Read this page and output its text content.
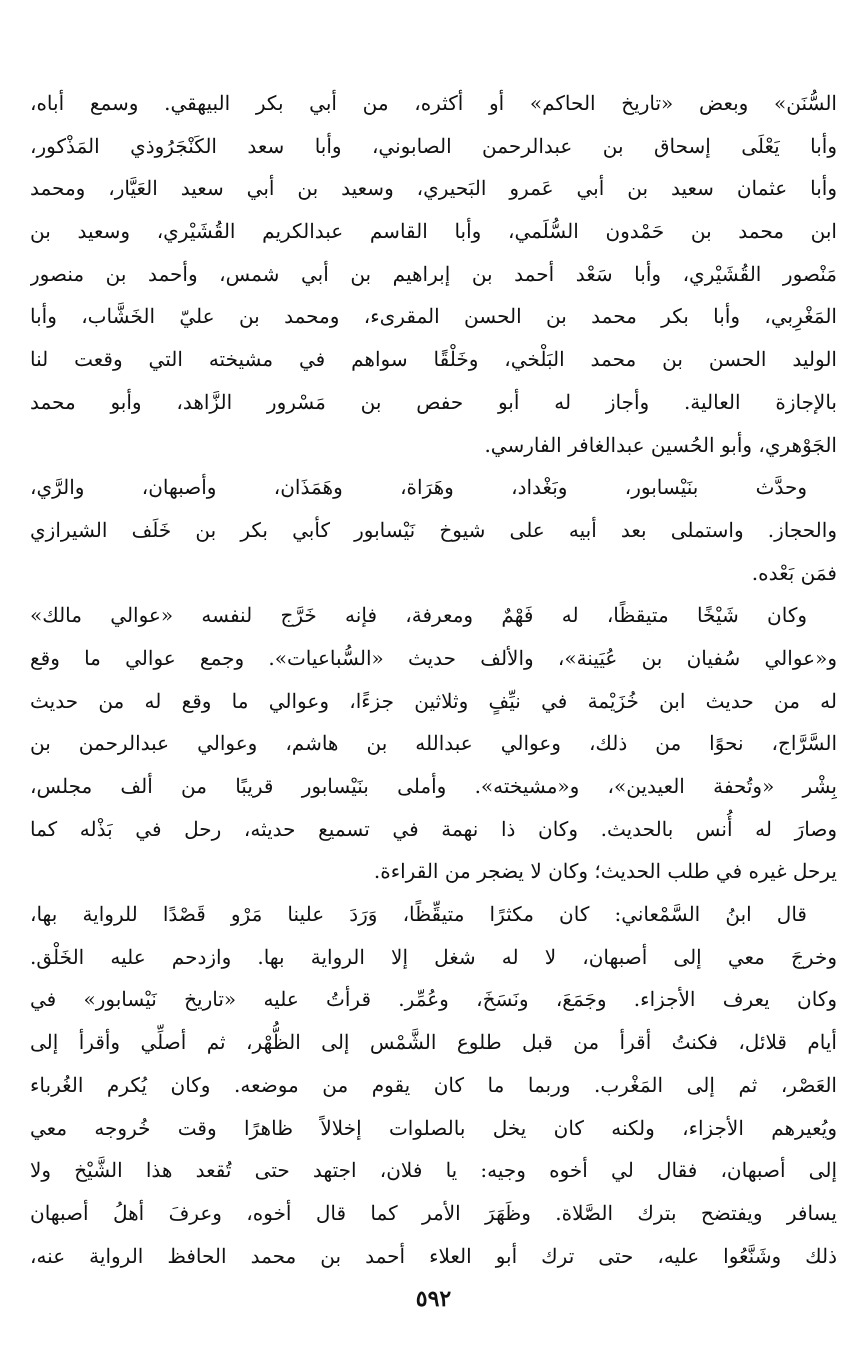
السُّنَن» وبعض «تاريخ الحاكم» أو أكثره، من أبي بكر البيهقي. وسمع أباه،
وأبا يَعْلَى إسحاق بن عبدالرحمن الصابوني، وأبا سعد الكَنْجَرُوذي المَذْكور،
وأبا عثمان سعيد بن أبي عَمرو البَحيري، وسعيد بن أبي سعيد العَيَّار، ومحمد
ابن محمد بن حَمْدون السُّلَمي، وأبا القاسم عبدالكريم القُشَيْري، وسعيد بن
مَنْصور القُشَيْري، وأبا سَعْد أحمد بن إبراهيم بن أبي شمس، وأحمد بن منصور
المَغْرِبي، وأبا بكر محمد بن الحسن المقرىء، ومحمد بن عليّ الخَشَّاب، وأبا
الوليد الحسن بن محمد البَلْخي، وخَلْقًا سواهم في مشيخته التي وقعت لنا
بالإجازة العالية. وأجاز له أبو حفص بن مَسْرور الزَّاهد، وأبو محمد
الجَوْهري، وأبو الحُسين عبدالغافر الفارسي.
وحدَّث بنَيْسابور، وبَغْداد، وهَرَاة، وهَمَذَان، وأصبهان، والرَّي،
والحجاز. واستملى بعد أبيه على شيوخ نَيْسابور كأبي بكر بن خَلَف الشيرازي
فمَن بَعْده.
وكان شَيْخًا متيقظًا، له فَهْمٌ ومعرفة، فإنه خَرَّج لنفسه «عوالي مالك»
و«عوالي سُفيان بن عُيَينة»، والألف حديث «السُّباعيات». وجمع عوالي ما وقع
له من حديث ابن خُزَيْمة في نيِّفٍ وثلاثين جزءًا، وعوالي ما وقع له من حديث
السَّرَّاج، نحوًا من ذلك، وعوالي عبدالله بن هاشم، وعوالي عبدالرحمن بن
بِشْر «وتُحفة العيدين»، و«مشيخته». وأملى بنَيْسابور قريبًا من ألف مجلس،
وصارَ له أُنس بالحديث. وكان ذا نهمة في تسميع حديثه، رحل في بَذْله كما
يرحل غيره في طلب الحديث؛ وكان لا يضجر من القراءة.
قال ابنُ السَّمْعاني: كان مكثرًا متيقِّظًا، وَرَدَ علينا مَرْو قَصْدًا للرواية بها،
وخرجَ معي إلى أصبهان، لا له شغل إلا الرواية بها. وازدحم عليه الخَلْق.
وكان يعرف الأجزاء. وجَمَعَ، ونَسَخَ، وعُمِّر. قرأتُ عليه «تاريخ نَيْسابور» في
أيام قلائل، فكنتُ أقرأ من قبل طلوع الشَّمْس إلى الظُّهْر، ثم أصلِّي وأقرأ إلى
العَصْر، ثم إلى المَغْرب. وربما ما كان يقوم من موضعه. وكان يُكرم الغُرباء
ويُعيرهم الأجزاء، ولكنه كان يخل بالصلوات إخلالاً ظاهرًا وقت خُروجه معي
إلى أصبهان، فقال لي أخوه وجيه: يا فلان، اجتهد حتى تُقعد هذا الشَّيْخ ولا
يسافر ويفتضح بترك الصَّلاة. وظَهَرَ الأمر كما قال أخوه، وعرفَ أهلُ أصبهان
ذلك وشَنَّعُوا عليه، حتى ترك أبو العلاء أحمد بن محمد الحافظ الرواية عنه،
٥٩٢
